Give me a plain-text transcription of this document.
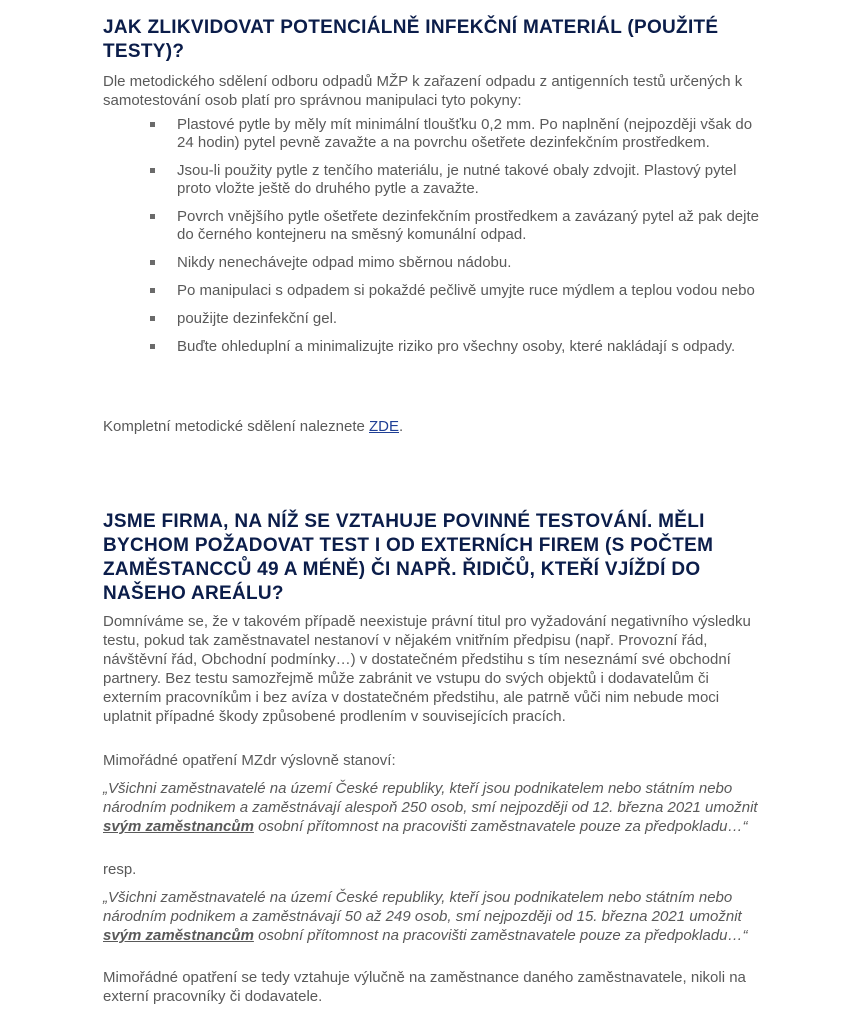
JAK ZLIKVIDOVAT POTENCIÁLNĚ INFEKČNÍ MATERIÁL (POUŽITÉ TESTY)?

Dle metodického sdělení odboru odpadů MŽP k zařazení odpadu z antigenních testů určených k samotestování osob platí pro správnou manipulaci tyto pokyny:

Plastové pytle by měly mít minimální tloušťku 0,2 mm. Po naplnění (nejpozději však do 24 hodin) pytel pevně zavažte a na povrchu ošetřete dezinfekčním prostředkem.
Jsou-li použity pytle z tenčího materiálu, je nutné takové obaly zdvojit. Plastový pytel proto vložte ještě do druhého pytle a zavažte.
Povrch vnějšího pytle ošetřete dezinfekčním prostředkem a zavázaný pytel až pak dejte do černého kontejneru na směsný komunální odpad.
Nikdy nenechávejte odpad mimo sběrnou nádobu.
Po manipulaci s odpadem si pokaždé pečlivě umyjte ruce mýdlem a teplou vodou nebo
použijte dezinfekční gel.
Buďte ohleduplní a minimalizujte riziko pro všechny osoby, které nakládají s odpady.

Kompletní metodické sdělení naleznete ZDE.

JSME FIRMA, NA NÍŽ SE VZTAHUJE POVINNÉ TESTOVÁNÍ. MĚLI BYCHOM POŽADOVAT TEST I OD EXTERNÍCH FIREM (S POČTEM ZAMĚSTANCCŮ 49 A MÉNĚ) ČI NAPŘ. ŘIDIČŮ, KTEŘÍ VJÍŽDÍ DO NAŠEHO AREÁLU?

Domníváme se, že v takovém případě neexistuje právní titul pro vyžadování negativního výsledku testu, pokud tak zaměstnavatel nestanoví v nějakém vnitřním předpisu (např. Provozní řád, návštěvní řád, Obchodní podmínky…) v dostatečném předstihu s tím neseznámí své obchodní partnery. Bez testu samozřejmě může zabránit ve vstupu do svých objektů i dodavatelům či externím pracovníkům i bez avíza v dostatečném předstihu, ale patrně vůči nim nebude moci uplatnit případné škody způsobené prodlením v souvisejících pracích.

Mimořádné opatření MZdr výslovně stanoví:

„Všichni zaměstnavatelé na území České republiky, kteří jsou podnikatelem nebo státním nebo národním podnikem a zaměstnávají alespoň 250 osob, smí nejpozději od 12. března 2021 umožnit svým zaměstnancům osobní přítomnost na pracovišti zaměstnavatele pouze za předpokladu…“

resp.

„Všichni zaměstnavatelé na území České republiky, kteří jsou podnikatelem nebo státním nebo národním podnikem a zaměstnávají 50 až 249 osob, smí nejpozději od 15. března 2021 umožnit svým zaměstnancům osobní přítomnost na pracovišti zaměstnavatele pouze za předpokladu…“

Mimořádné opatření se tedy vztahuje výlučně na zaměstnance daného zaměstnavatele, nikoli na externí pracovníky či dodavatele.
